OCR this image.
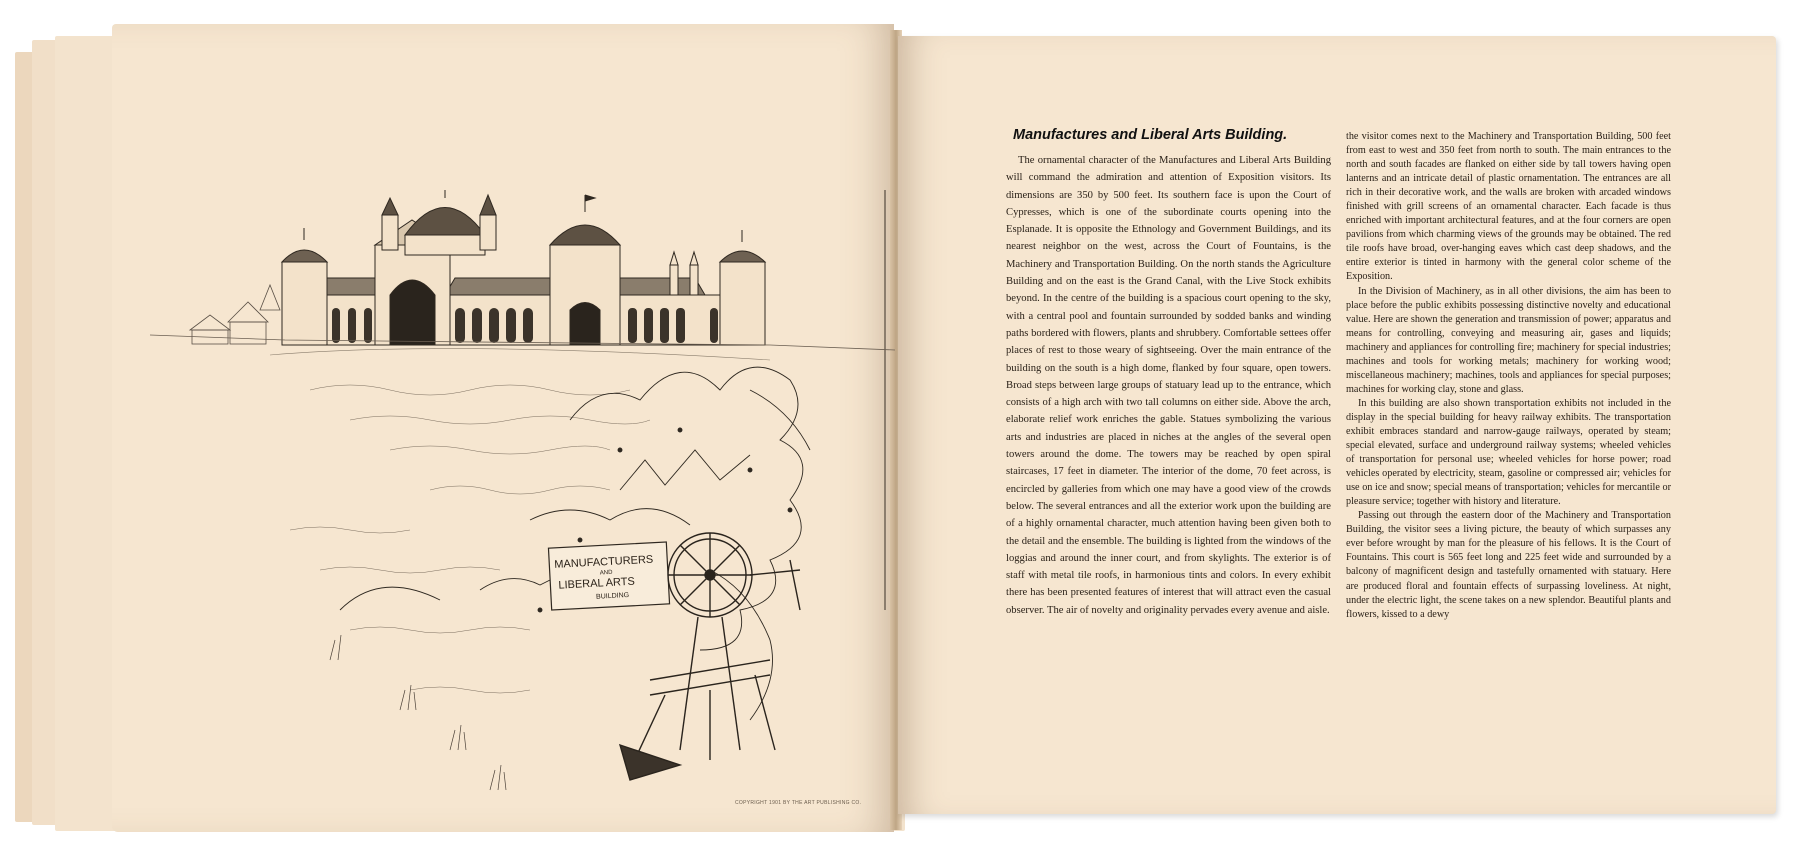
MANUFACTURERS
AND
LIBERAL ARTS
BUILDING
COPYRIGHT 1901 BY THE ART PUBLISHING CO.
Manufactures and Liberal Arts Building.

The ornamental character of the Manufactures and Liberal Arts Building will command the admiration and attention of Exposition visitors. Its dimensions are 350 by 500 feet. Its southern face is upon the Court of Cypresses, which is one of the subordinate courts opening into the Esplanade. It is opposite the Ethnology and Government Buildings, and its nearest neighbor on the west, across the Court of Fountains, is the Machinery and Transportation Building. On the north stands the Agriculture Building and on the east is the Grand Canal, with the Live Stock exhibits beyond. In the centre of the building is a spacious court opening to the sky, with a central pool and fountain surrounded by sodded banks and winding paths bordered with flowers, plants and shrubbery. Comfortable settees offer places of rest to those weary of sightseeing. Over the main entrance of the building on the south is a high dome, flanked by four square, open towers. Broad steps between large groups of statuary lead up to the entrance, which consists of a high arch with two tall columns on either side. Above the arch, elaborate relief work enriches the gable. Statues symbolizing the various arts and industries are placed in niches at the angles of the several open towers around the dome. The towers may be reached by open spiral staircases, 17 feet in diameter. The interior of the dome, 70 feet across, is encircled by galleries from which one may have a good view of the crowds below. The several entrances and all the exterior work upon the building are of a highly ornamental character, much attention having been given both to the detail and the ensemble. The building is lighted from the windows of the loggias and around the inner court, and from skylights. The exterior is of staff with metal tile roofs, in harmonious tints and colors. In every exhibit there has been presented features of interest that will attract even the casual observer. The air of novelty and originality pervades every avenue and aisle.

the visitor comes next to the Machinery and Transportation Building, 500 feet from east to west and 350 feet from north to south. The main entrances to the north and south facades are flanked on either side by tall towers having open lanterns and an intricate detail of plastic ornamentation. The entrances are all rich in their decorative work, and the walls are broken with arcaded windows finished with grill screens of an ornamental character. Each facade is thus enriched with important architectural features, and at the four corners are open pavilions from which charming views of the grounds may be obtained. The red tile roofs have broad, over-hanging eaves which cast deep shadows, and the entire exterior is tinted in harmony with the general color scheme of the Exposition.

In the Division of Machinery, as in all other divisions, the aim has been to place before the public exhibits possessing distinctive novelty and educational value. Here are shown the generation and transmission of power; apparatus and means for controlling, conveying and measuring air, gases and liquids; machinery and appliances for controlling fire; machinery for special industries; machines and tools for working metals; machinery for working wood; miscellaneous machinery; machines, tools and appliances for special purposes; machines for working clay, stone and glass.

In this building are also shown transportation exhibits not included in the display in the special building for heavy railway exhibits. The transportation exhibit embraces standard and narrow-gauge railways, operated by steam; special elevated, surface and underground railway systems; wheeled vehicles of transportation for personal use; wheeled vehicles for horse power; road vehicles operated by electricity, steam, gasoline or compressed air; vehicles for use on ice and snow; special means of transportation; vehicles for mercantile or pleasure service; together with history and literature.

Passing out through the eastern door of the Machinery and Transportation Building, the visitor sees a living picture, the beauty of which surpasses any ever before wrought by man for the pleasure of his fellows. It is the Court of Fountains. This court is 565 feet long and 225 feet wide and surrounded by a balcony of magnificent design and tastefully ornamented with statuary. Here are produced floral and fountain effects of surpassing loveliness. At night, under the electric light, the scene takes on a new splendor. Beautiful plants and flowers, kissed to a dewy
